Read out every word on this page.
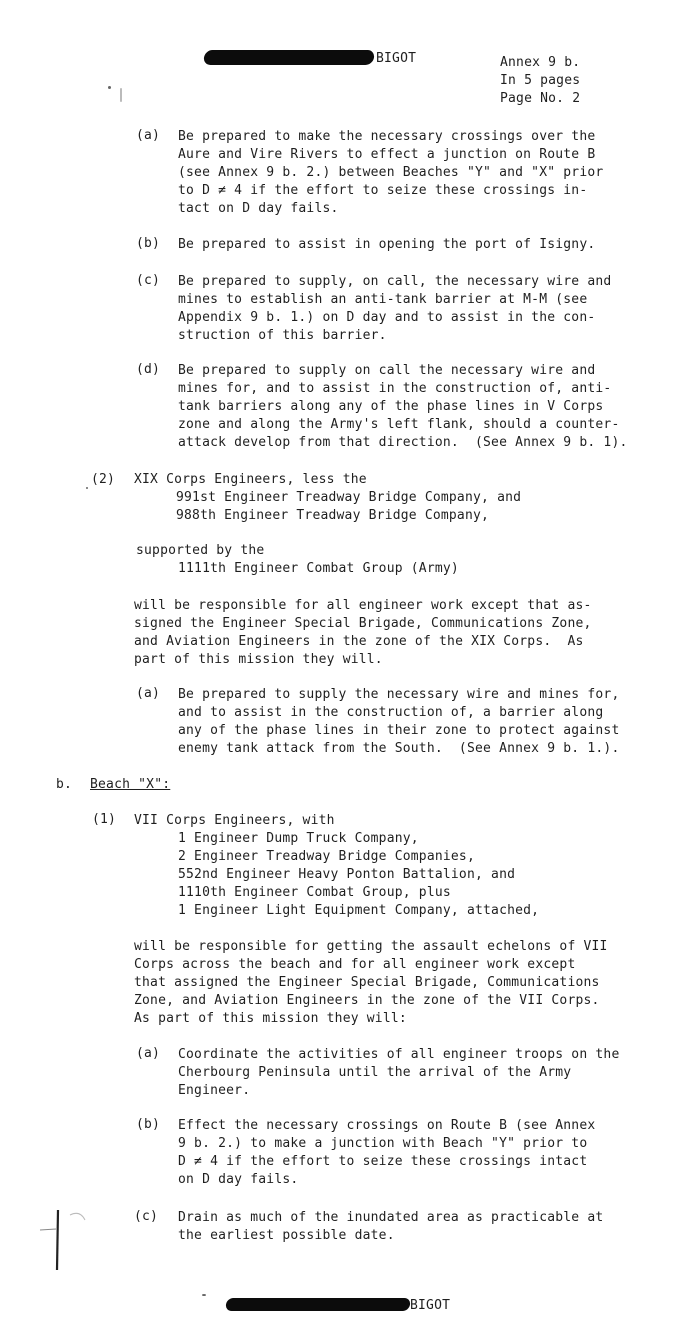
BIGOT	Annex 9 b.
In 5 pages
Page No. 2
(a) Be prepared to make the necessary crossings over the
Aure and Vire Rivers to effect a junction on Route B
(see Annex 9 b. 2.) between Beaches "Y" and "X" prior
to D ≠ 4 if the effort to seize these crossings in-
tact on D day fails.
(b) Be prepared to assist in opening the port of Isigny.
(c) Be prepared to supply, on call, the necessary wire and
mines to establish an anti-tank barrier at M-M (see
Appendix 9 b. 1.) on D day and to assist in the con-
struction of this barrier.
(d) Be prepared to supply on call the necessary wire and
mines for, and to assist in the construction of, anti-
tank barriers along any of the phase lines in V Corps
zone and along the Army's left flank, should a counter-
attack develop from that direction.  (See Annex 9 b. 1).
(2) XIX Corps Engineers, less the
991st Engineer Treadway Bridge Company, and
988th Engineer Treadway Bridge Company,
supported by the
1111th Engineer Combat Group (Army)
will be responsible for all engineer work except that as-
signed the Engineer Special Brigade, Communications Zone,
and Aviation Engineers in the zone of the XIX Corps.  As
part of this mission they will.
(a) Be prepared to supply the necessary wire and mines for,
and to assist in the construction of, a barrier along
any of the phase lines in their zone to protect against
enemy tank attack from the South.  (See Annex 9 b. 1.).
b. Beach "X":
(1) VII Corps Engineers, with
1 Engineer Dump Truck Company,
2 Engineer Treadway Bridge Companies,
552nd Engineer Heavy Ponton Battalion, and
1110th Engineer Combat Group, plus
1 Engineer Light Equipment Company, attached,
will be responsible for getting the assault echelons of VII
Corps across the beach and for all engineer work except
that assigned the Engineer Special Brigade, Communications
Zone, and Aviation Engineers in the zone of the VII Corps.
As part of this mission they will:
(a) Coordinate the activities of all engineer troops on the
Cherbourg Peninsula until the arrival of the Army
Engineer.
(b) Effect the necessary crossings on Route B (see Annex
9 b. 2.) to make a junction with Beach "Y" prior to
D ≠ 4 if the effort to seize these crossings intact
on D day fails.
(c) Drain as much of the inundated area as practicable at
the earliest possible date.
BIGOT
